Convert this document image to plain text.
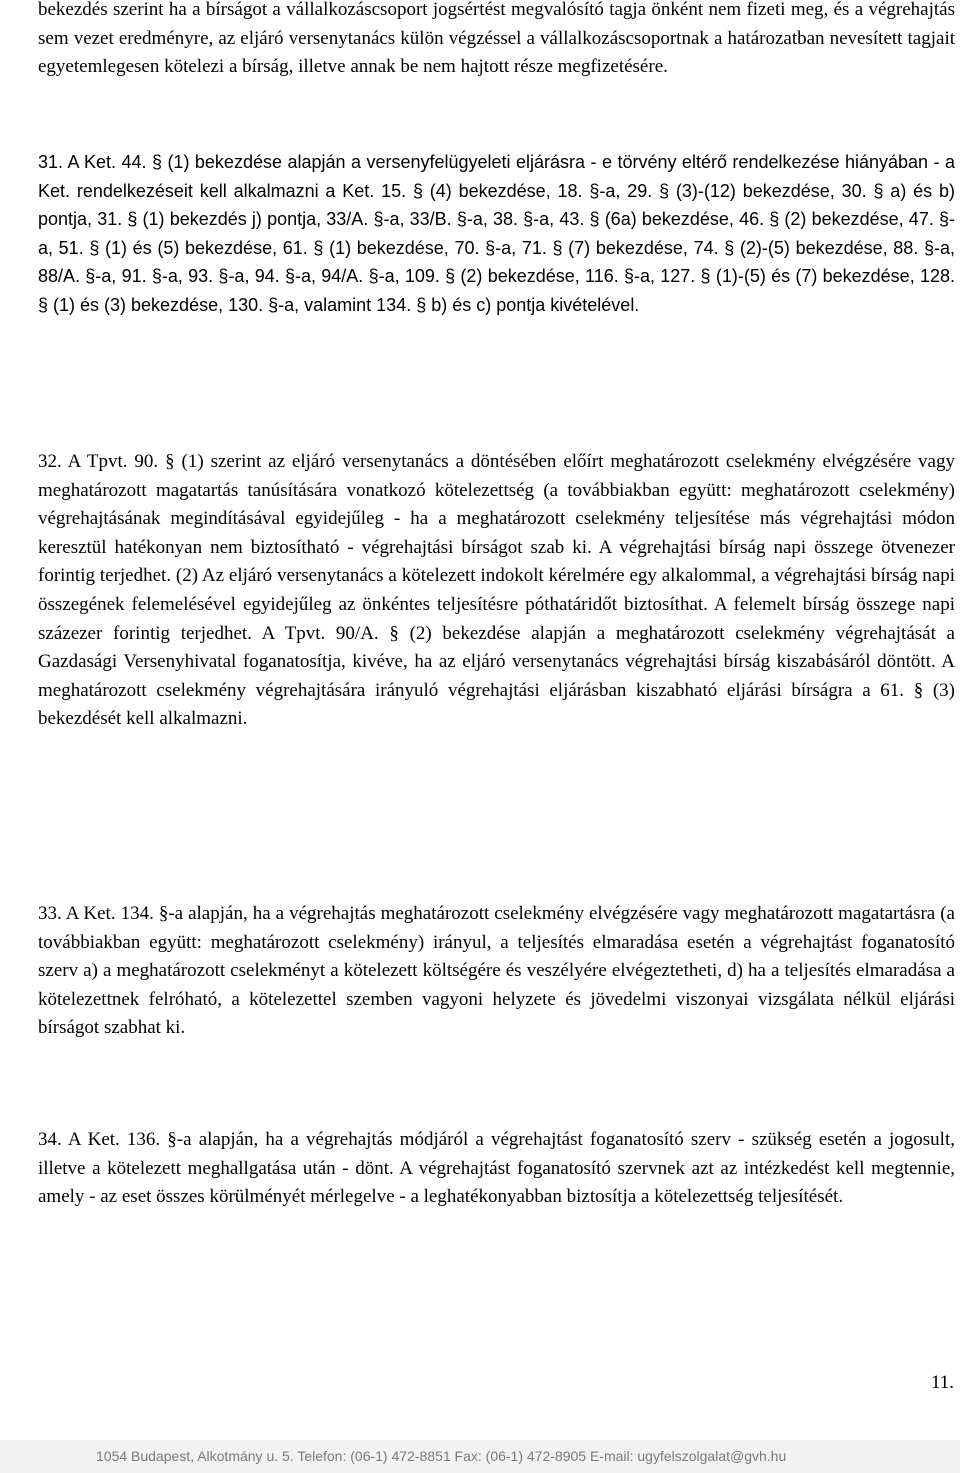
bekezdés szerint ha a bírságot a vállalkozáscsoport jogsértést megvalósító tagja önként nem fizeti meg, és a végrehajtás sem vezet eredményre, az eljáró versenytanács külön végzéssel a vállalkozáscsoportnak a határozatban nevesített tagjait egyetemlegesen kötelezi a bírság, illetve annak be nem hajtott része megfizetésére.

31. A Ket. 44. § (1) bekezdése alapján a versenyfelügyeleti eljárásra - e törvény eltérő rendelkezése hiányában - a Ket. rendelkezéseit kell alkalmazni a Ket. 15. § (4) bekezdése, 18. §-a, 29. § (3)-(12) bekezdése, 30. § a) és b) pontja, 31. § (1) bekezdés j) pontja, 33/A. §-a, 33/B. §-a, 38. §-a, 43. § (6a) bekezdése, 46. § (2) bekezdése, 47. §-a, 51. § (1) és (5) bekezdése, 61. § (1) bekezdése, 70. §-a, 71. § (7) bekezdése, 74. § (2)-(5) bekezdése, 88. §-a, 88/A. §-a, 91. §-a, 93. §-a, 94. §-a, 94/A. §-a, 109. § (2) bekezdése, 116. §-a, 127. § (1)-(5) és (7) bekezdése, 128. § (1) és (3) bekezdése, 130. §-a, valamint 134. § b) és c) pontja kivételével.

32. A Tpvt. 90. § (1) szerint az eljáró versenytanács a döntésében előírt meghatározott cselekmény elvégzésére vagy meghatározott magatartás tanúsítására vonatkozó kötelezettség (a továbbiakban együtt: meghatározott cselekmény) végrehajtásának megindításával egyidejűleg - ha a meghatározott cselekmény teljesítése más végrehajtási módon keresztül hatékonyan nem biztosítható - végrehajtási bírságot szab ki. A végrehajtási bírság napi összege ötvenezer forintig terjedhet. (2) Az eljáró versenytanács a kötelezett indokolt kérelmére egy alkalommal, a végrehajtási bírság napi összegének felemelésével egyidejűleg az önkéntes teljesítésre póthatáridőt biztosíthat. A felemelt bírság összege napi százezer forintig terjedhet. A Tpvt. 90/A. § (2) bekezdése alapján a meghatározott cselekmény végrehajtását a Gazdasági Versenyhivatal foganatosítja, kivéve, ha az eljáró versenytanács végrehajtási bírság kiszabásáról döntött. A meghatározott cselekmény végrehajtására irányuló végrehajtási eljárásban kiszabható eljárási bírságra a 61. § (3) bekezdését kell alkalmazni.

33. A Ket. 134. §-a alapján, ha a végrehajtás meghatározott cselekmény elvégzésére vagy meghatározott magatartásra (a továbbiakban együtt: meghatározott cselekmény) irányul, a teljesítés elmaradása esetén a végrehajtást foganatosító szerv a) a meghatározott cselekményt a kötelezett költségére és veszélyére elvégeztetheti, d) ha a teljesítés elmaradása a kötelezettnek felróható, a kötelezettel szemben vagyoni helyzete és jövedelmi viszonyai vizsgálata nélkül eljárási bírságot szabhat ki.

34. A Ket. 136. §-a alapján, ha a végrehajtás módjáról a végrehajtást foganatosító szerv - szükség esetén a jogosult, illetve a kötelezett meghallgatása után - dönt. A végrehajtást foganatosító szervnek azt az intézkedést kell megtennie, amely - az eset összes körülményét mérlegelve - a leghatékonyabban biztosítja a kötelezettség teljesítését.

11.

1054 Budapest, Alkotmány u. 5. Telefon: (06-1) 472-8851 Fax: (06-1) 472-8905 E-mail: ugyfelszolgalat@gvh.hu
